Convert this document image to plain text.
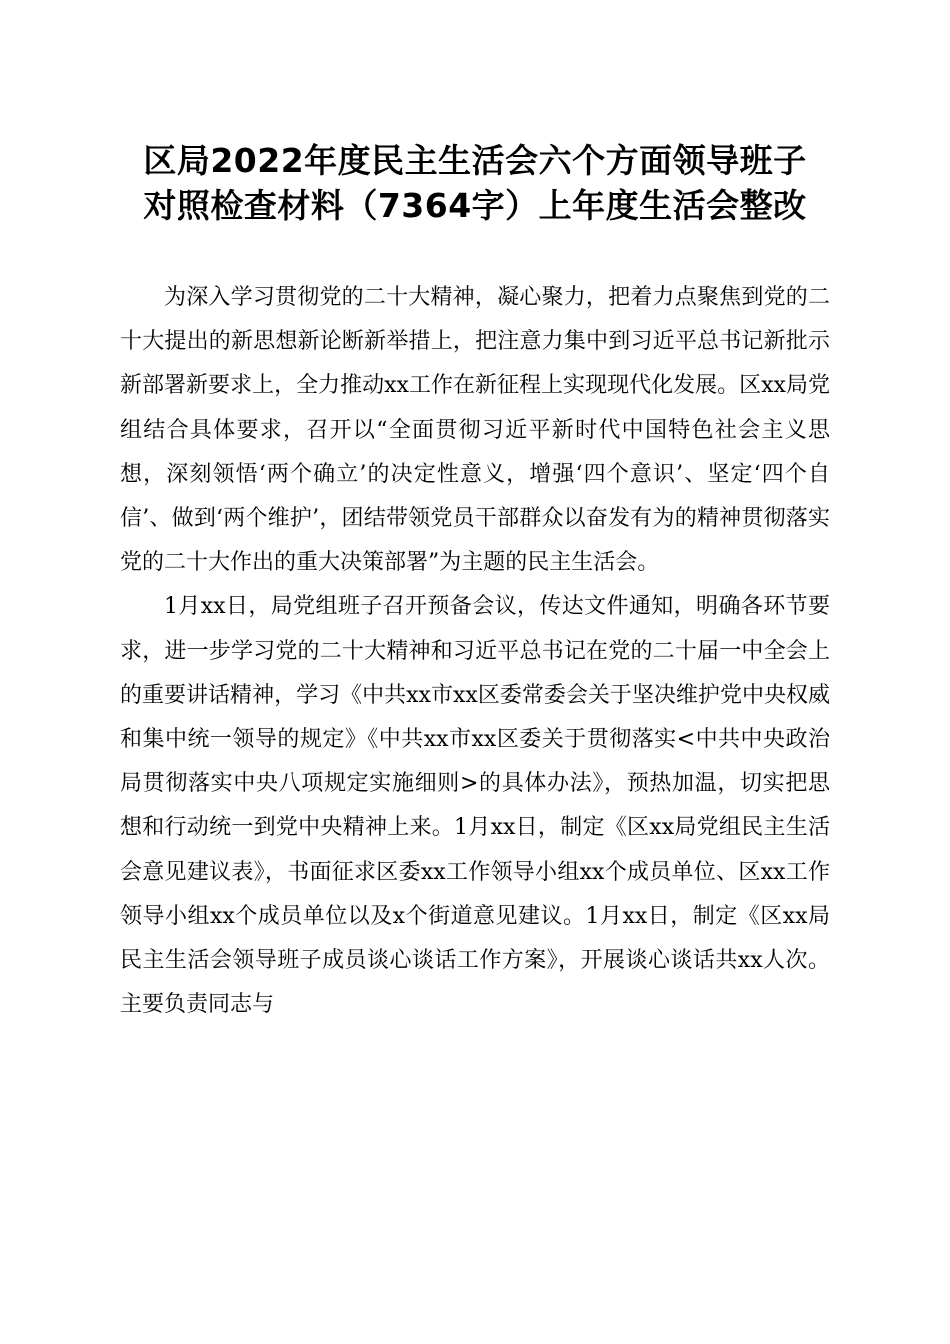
区局2022年度民主生活会六个方面领导班子
对照检查材料（7364字）上年度生活会整改

为深入学习贯彻党的二十大精神，凝心聚力，把着力点聚焦到党的二十大提出的新思想新论断新举措上，把注意力集中到习近平总书记新批示新部署新要求上，全力推动xx工作在新征程上实现现代化发展。区xx局党组结合具体要求，召开以“全面贯彻习近平新时代中国特色社会主义思想，深刻领悟‘两个确立’的决定性意义，增强‘四个意识’、坚定‘四个自信’、做到‘两个维护’，团结带领党员干部群众以奋发有为的精神贯彻落实党的二十大作出的重大决策部署”为主题的民主生活会。

1月xx日，局党组班子召开预备会议，传达文件通知，明确各环节要求，进一步学习党的二十大精神和习近平总书记在党的二十届一中全会上的重要讲话精神，学习《中共xx市xx区委常委会关于坚决维护党中央权威和集中统一领导的规定》《中共xx市xx区委关于贯彻落实<中共中央政治局贯彻落实中央八项规定实施细则>的具体办法》，预热加温，切实把思想和行动统一到党中央精神上来。1月xx日，制定《区xx局党组民主生活会意见建议表》，书面征求区委xx工作领导小组xx个成员单位、区xx工作领导小组xx个成员单位以及x个街道意见建议。1月xx日，制定《区xx局民主生活会领导班子成员谈心谈话工作方案》，开展谈心谈话共xx人次。主要负责同志与
